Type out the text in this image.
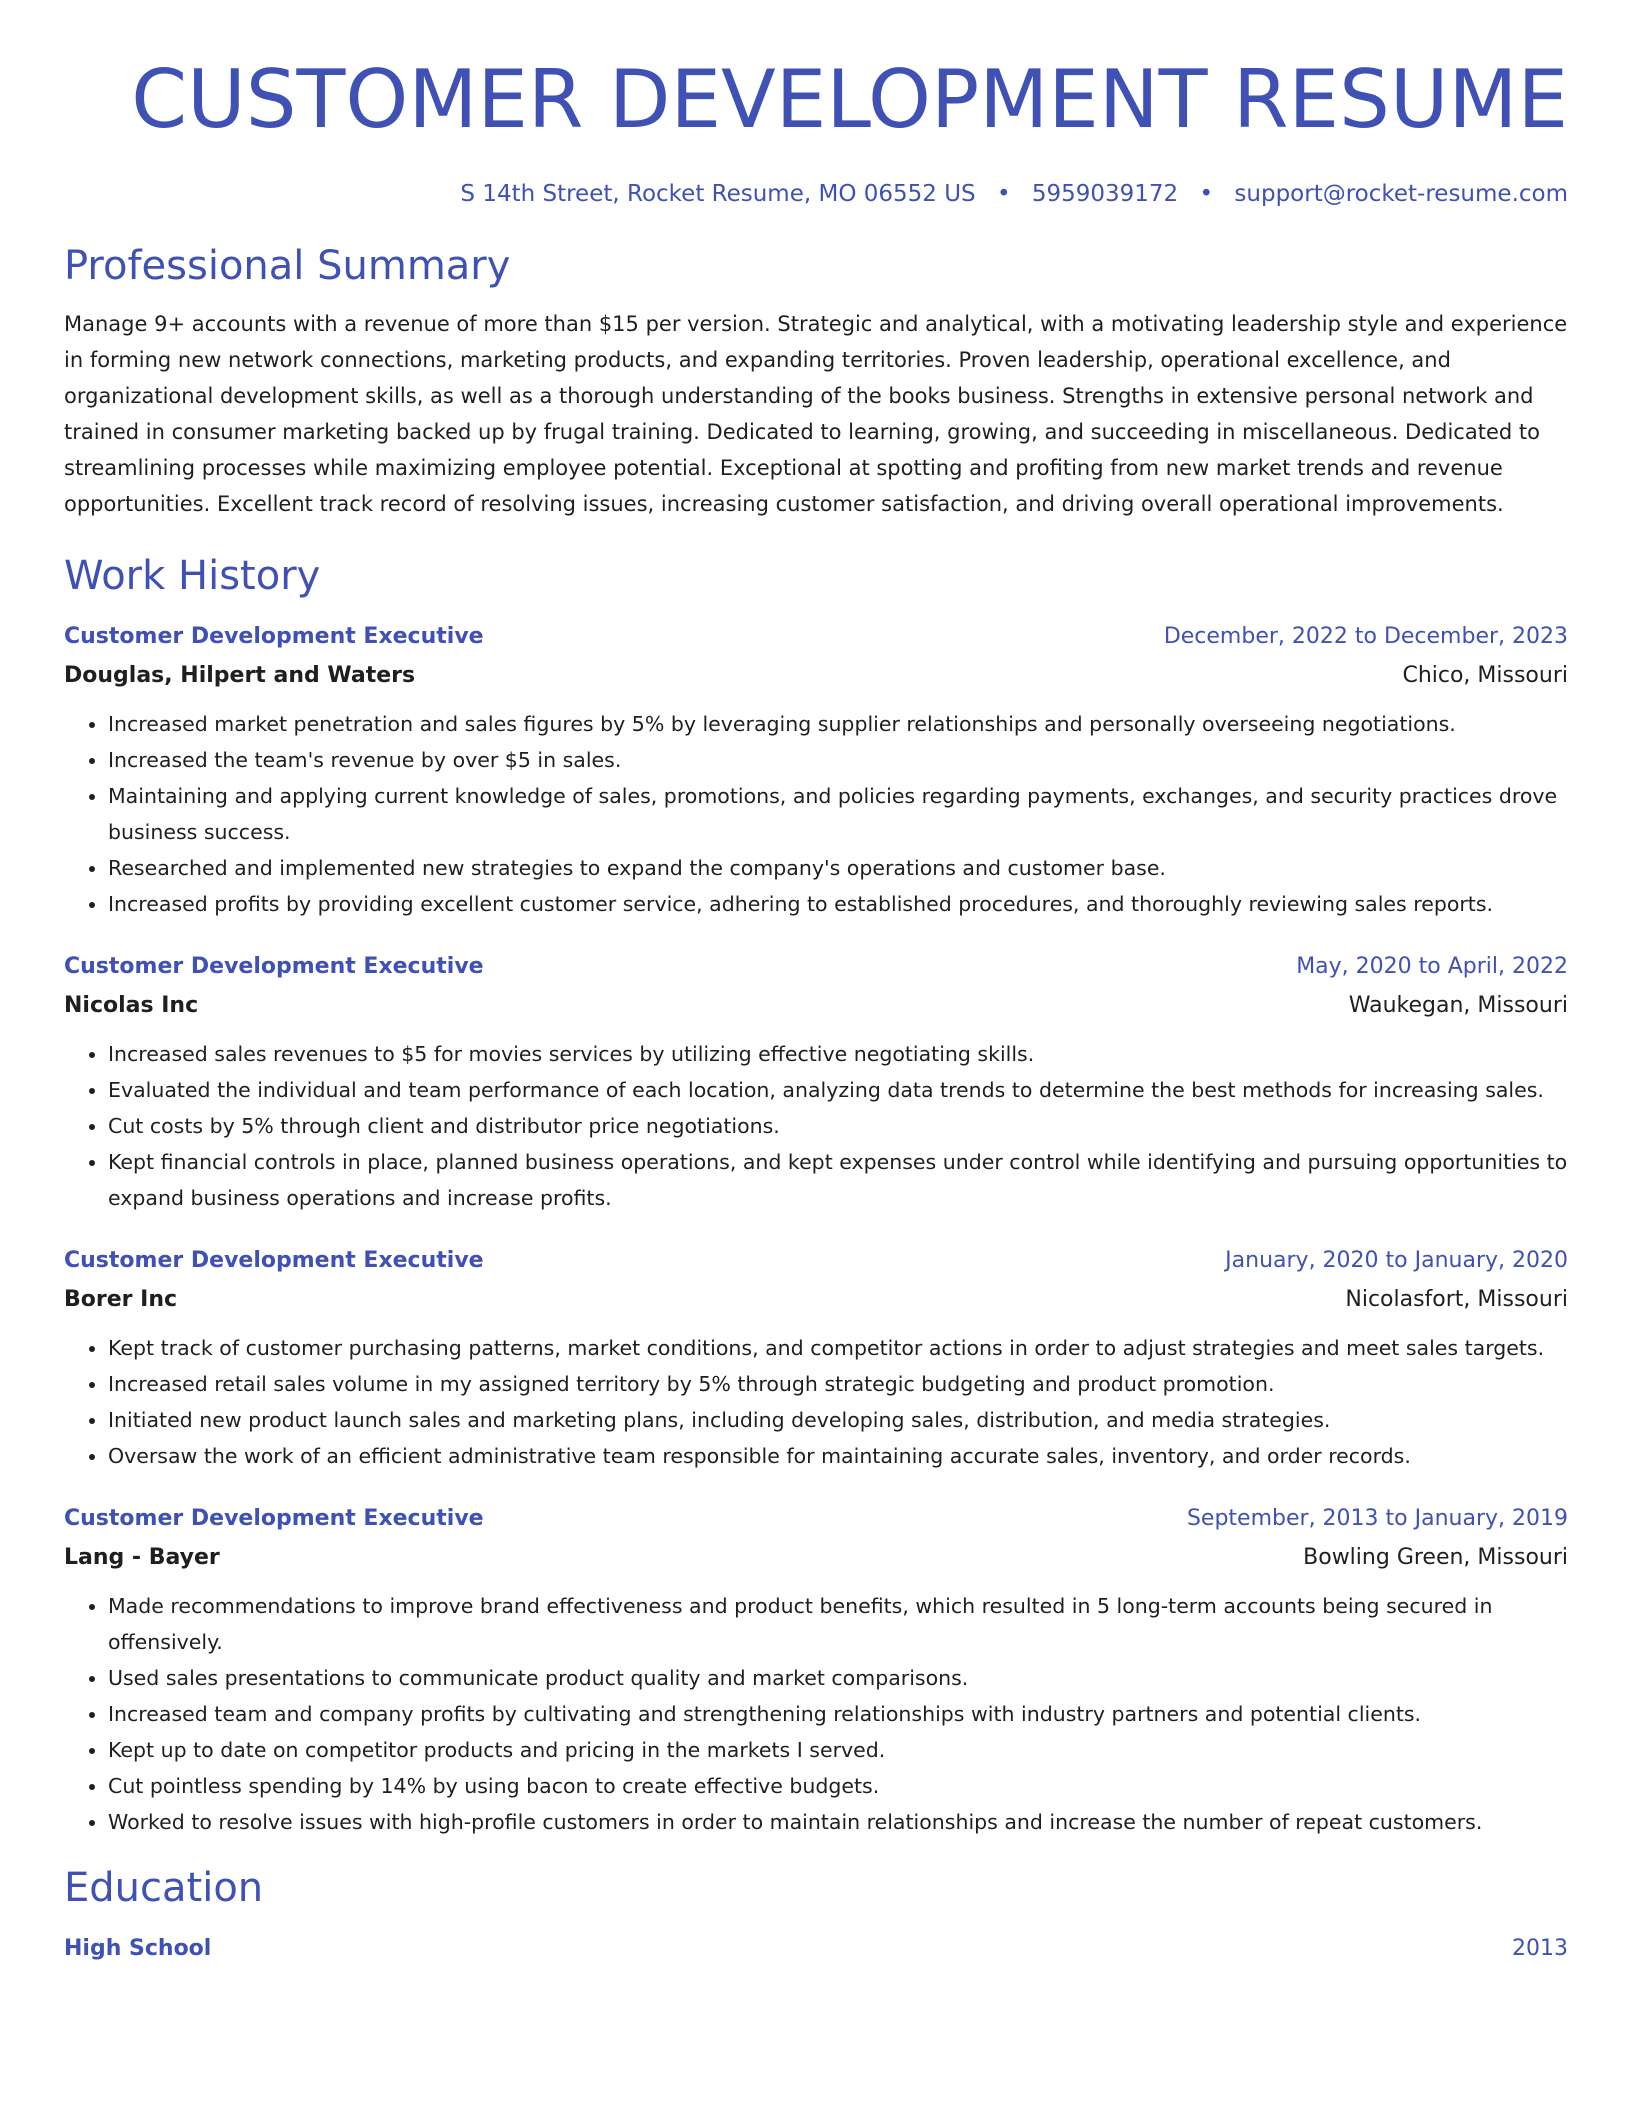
CUSTOMER DEVELOPMENT RESUME
S 14th Street, Rocket Resume, MO 06552 US • 5959039172 • support@rocket-resume.com
Professional Summary

Manage 9+ accounts with a revenue of more than $15 per version. Strategic and analytical, with a motivating leadership style and experience in forming new network connections, marketing products, and expanding territories. Proven leadership, operational excellence, and organizational development skills, as well as a thorough understanding of the books business. Strengths in extensive personal network and trained in consumer marketing backed up by frugal training. Dedicated to learning, growing, and succeeding in miscellaneous. Dedicated to streamlining processes while maximizing employee potential. Exceptional at spotting and profiting from new market trends and revenue opportunities. Excellent track record of resolving issues, increasing customer satisfaction, and driving overall operational improvements.

Work History
Customer Development Executive	December, 2022 to December, 2023
Douglas, Hilpert and Waters	Chico, Missouri
• Increased market penetration and sales figures by 5% by leveraging supplier relationships and personally overseeing negotiations.
• Increased the team's revenue by over $5 in sales.
• Maintaining and applying current knowledge of sales, promotions, and policies regarding payments, exchanges, and security practices drove business success.
• Researched and implemented new strategies to expand the company's operations and customer base.
• Increased profits by providing excellent customer service, adhering to established procedures, and thoroughly reviewing sales reports.
Customer Development Executive	May, 2020 to April, 2022
Nicolas Inc	Waukegan, Missouri
• Increased sales revenues to $5 for movies services by utilizing effective negotiating skills.
• Evaluated the individual and team performance of each location, analyzing data trends to determine the best methods for increasing sales.
• Cut costs by 5% through client and distributor price negotiations.
• Kept financial controls in place, planned business operations, and kept expenses under control while identifying and pursuing opportunities to expand business operations and increase profits.
Customer Development Executive	January, 2020 to January, 2020
Borer Inc	Nicolasfort, Missouri
• Kept track of customer purchasing patterns, market conditions, and competitor actions in order to adjust strategies and meet sales targets.
• Increased retail sales volume in my assigned territory by 5% through strategic budgeting and product promotion.
• Initiated new product launch sales and marketing plans, including developing sales, distribution, and media strategies.
• Oversaw the work of an efficient administrative team responsible for maintaining accurate sales, inventory, and order records.
Customer Development Executive	September, 2013 to January, 2019
Lang - Bayer	Bowling Green, Missouri
• Made recommendations to improve brand effectiveness and product benefits, which resulted in 5 long-term accounts being secured in offensively.
• Used sales presentations to communicate product quality and market comparisons.
• Increased team and company profits by cultivating and strengthening relationships with industry partners and potential clients.
• Kept up to date on competitor products and pricing in the markets I served.
• Cut pointless spending by 14% by using bacon to create effective budgets.
• Worked to resolve issues with high-profile customers in order to maintain relationships and increase the number of repeat customers.
Education
High School	2013
